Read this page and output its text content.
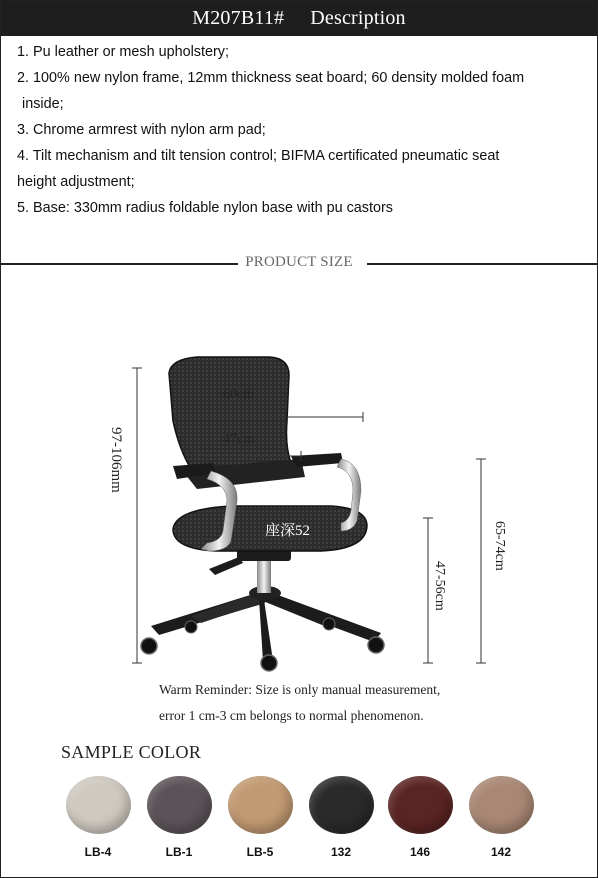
M207B11# Description
1. Pu leather or mesh upholstery;
2. 100% new nylon frame, 12mm thickness seat board; 60 density molded foam
inside;
3. Chrome armrest with nylon arm pad;
4. Tilt mechanism and tilt tension control; BIFMA certificated pneumatic seat
height adjustment;
5. Base: 330mm radius foldable nylon base with pu castors
PRODUCT SIZE
60cm
47cm
97-106mm
座深52
47-56cm
65-74cm
Warm Reminder: Size is only manual measurement,
error 1 cm-3 cm belongs to normal phenomenon.
SAMPLE COLOR
LB-4	LB-1	LB-5	132	146	142
